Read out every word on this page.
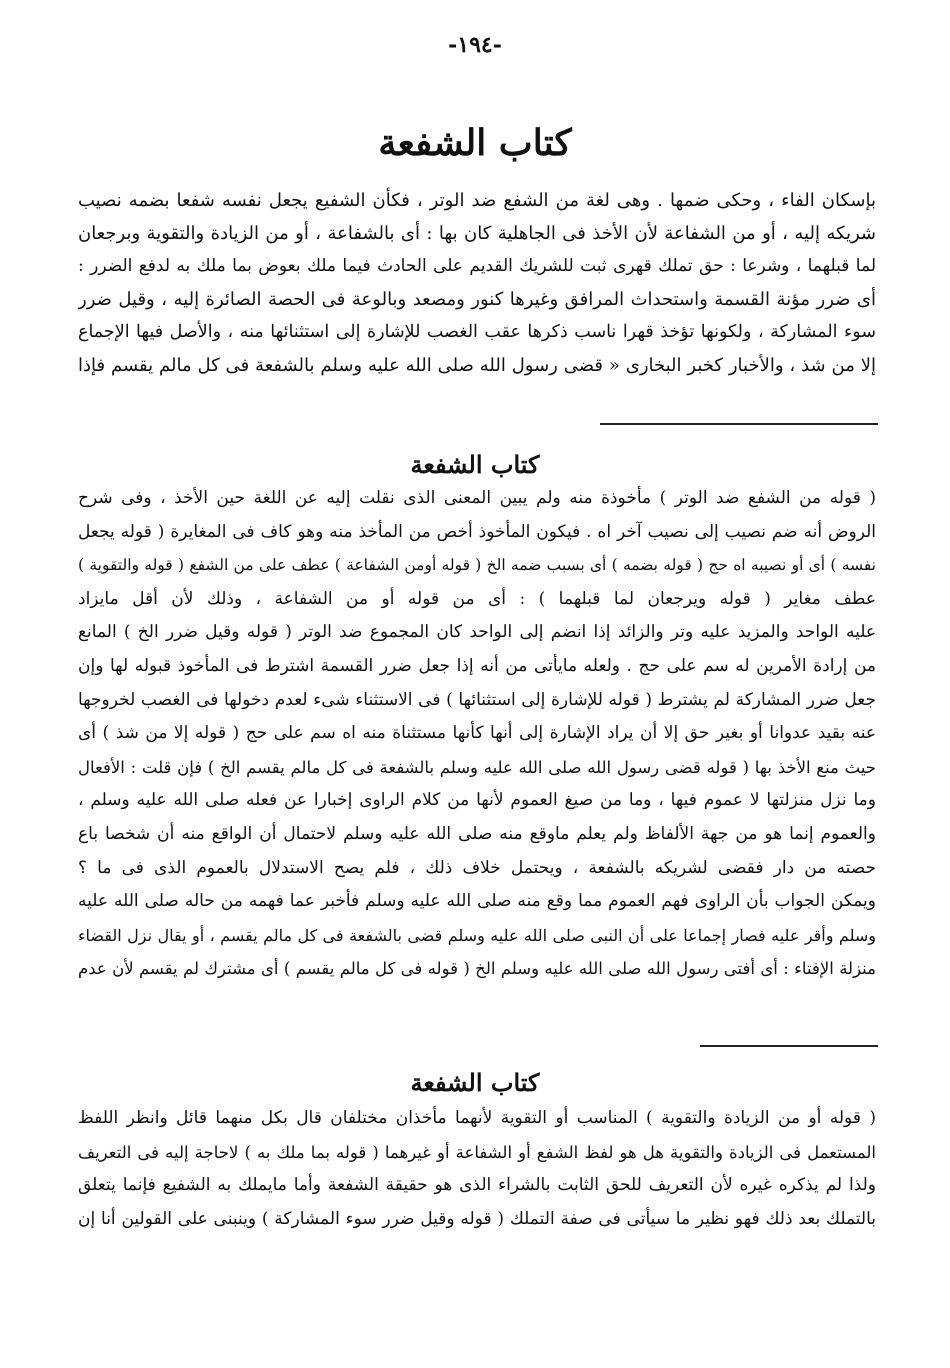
-١٩٤-
كتاب الشفعة
بإسكان الفاء ، وحكى ضمها . وهى لغة من الشفع ضد الوتر ، فكأن الشفيع يجعل نفسه شفعا بضمه نصيب
شريكه إليه ، أو من الشفاعة لأن الأخذ فى الجاهلية كان بها : أى بالشفاعة ، أو من الزيادة والتقوية وبرجعان
لما قبلهما ، وشرعا : حق تملك قهرى ثبت للشريك القديم على الحادث فيما ملك بعوض بما ملك به لدفع الضرر :
أى ضرر مؤنة القسمة واستحداث المرافق وغيرها كنور ومصعد وبالوعة فى الحصة الصائرة إليه ، وقيل ضرر
سوء المشاركة ، ولكونها تؤخذ قهرا ناسب ذكرها عقب الغصب للإشارة إلى استثنائها منه ، والأصل فيها الإجماع
إلا من شذ ، والأخبار كخبر البخارى « قضى رسول الله صلى الله عليه وسلم بالشفعة فى كل مالم يقسم فإذا
كتاب الشفعة
( قوله من الشفع ضد الوتر ) مأخوذة منه ولم يبين المعنى الذى نقلت إليه عن اللغة حين الأخذ ، وفى شرح
الروض أنه ضم نصيب إلى نصيب آخر اه . فيكون المأخوذ أخص من المأخذ منه وهو كاف فى المغايرة ( قوله يجعل
نفسه ) أى أو نصيبه اه حج ( قوله بضمه ) أى بسبب ضمه الخ ( قوله أومن الشفاعة ) عطف على من الشفع ( قوله والتقوية )
عطف مغاير ( قوله ويرجعان لما قبلهما ) : أى من قوله أو من الشفاعة ، وذلك لأن أقل مايزاد
عليه الواحد والمزيد عليه وتر والزائد إذا انضم إلى الواحد كان المجموع ضد الوتر ( قوله وقيل ضرر الخ ) المانع
من إرادة الأمرين له سم على حج . ولعله مايأتى من أنه إذا جعل ضرر القسمة اشترط فى المأخوذ قبوله لها وإن
جعل ضرر المشاركة لم يشترط ( قوله للإشارة إلى استثنائها ) فى الاستثناء شىء لعدم دخولها فى الغصب لخروجها
عنه بقيد عدوانا أو بغير حق إلا أن يراد الإشارة إلى أنها كأنها مستثناة منه اه سم على حج ( قوله إلا من شذ ) أى
حيث منع الأخذ بها ( قوله قضى رسول الله صلى الله عليه وسلم بالشفعة فى كل مالم يقسم الخ ) فإن قلت : الأفعال
وما نزل منزلتها لا عموم فيها ، وما من صيغ العموم لأنها من كلام الراوى إخبارا عن فعله صلى الله عليه وسلم ،
والعموم إنما هو من جهة الألفاظ ولم يعلم ماوقع منه صلى الله عليه وسلم لاحتمال أن الواقع منه أن شخصا باع
حصته من دار فقضى لشريكه بالشفعة ، ويحتمل خلاف ذلك ، فلم يصح الاستدلال بالعموم الذى فى ما ؟
ويمكن الجواب بأن الراوى فهم العموم مما وقع منه صلى الله عليه وسلم فأخبر عما فهمه من حاله صلى الله عليه
وسلم وأقر عليه فصار إجماعا على أن النبى صلى الله عليه وسلم قضى بالشفعة فى كل مالم يقسم ، أو يقال نزل القضاء
منزلة الإفتاء : أى أفتى رسول الله صلى الله عليه وسلم الخ ( قوله فى كل مالم يقسم ) أى مشترك لم يقسم لأن عدم
كتاب الشفعة
( قوله أو من الزيادة والتقوية ) المناسب أو التقوية لأنهما مأخذان مختلفان قال بكل منهما قائل وانظر اللفظ
المستعمل فى الزيادة والتقوية هل هو لفظ الشفع أو الشفاعة أو غيرهما ( قوله بما ملك به ) لاحاجة إليه فى التعريف
ولذا لم يذكره غيره لأن التعريف للحق الثابت بالشراء الذى هو حقيقة الشفعة وأما مايملك به الشفيع فإنما يتعلق
بالتملك بعد ذلك فهو نظير ما سيأتى فى صفة التملك ( قوله وقيل ضرر سوء المشاركة ) وينبنى على القولين أنا إن
